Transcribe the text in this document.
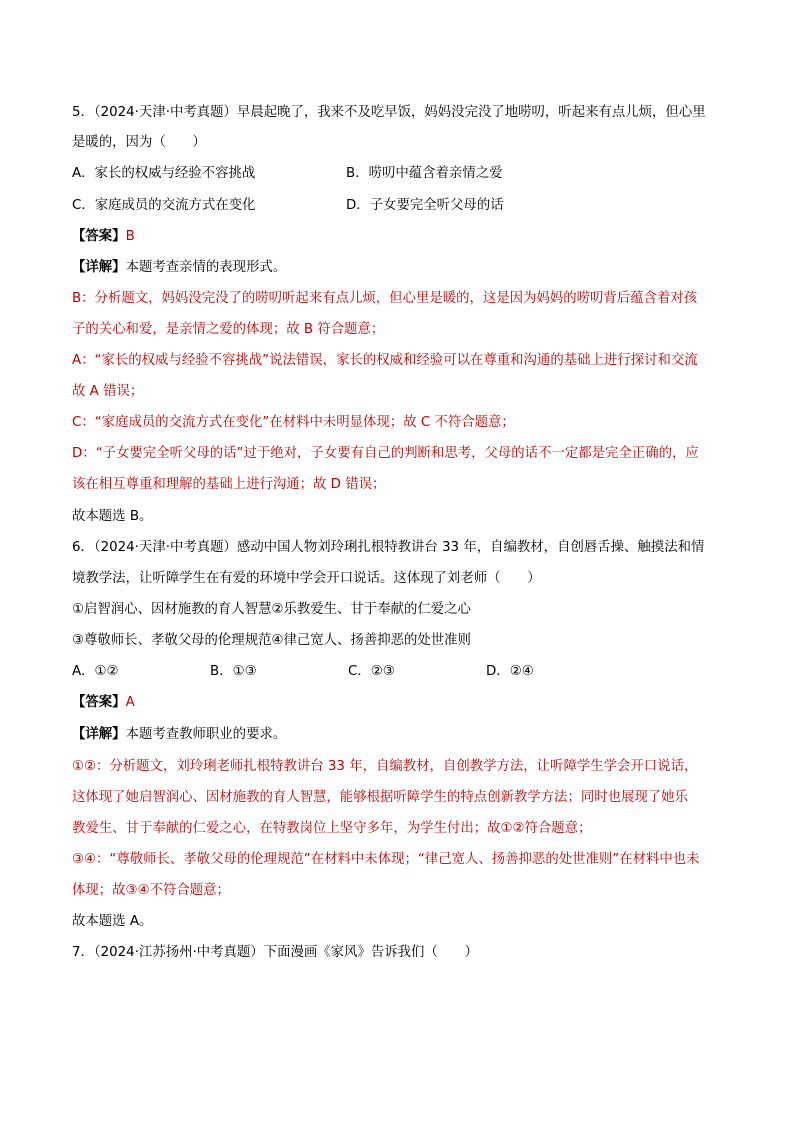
5．（2024·天津·中考真题）早晨起晚了，我来不及吃早饭，妈妈没完没了地唠叨，听起来有点儿烦，但心里
是暖的，因为（　　）
A．家长的权威与经验不容挑战	B．唠叨中蕴含着亲情之爱
C．家庭成员的交流方式在变化	D．子女要完全听父母的话
【答案】B
【详解】本题考查亲情的表现形式。
B：分析题文，妈妈没完没了的唠叨听起来有点儿烦，但心里是暖的，这是因为妈妈的唠叨背后蕴含着对孩
子的关心和爱，是亲情之爱的体现；故 B 符合题意；
A：“家长的权威与经验不容挑战”说法错误，家长的权威和经验可以在尊重和沟通的基础上进行探讨和交流
故 A 错误；
C：“家庭成员的交流方式在变化”在材料中未明显体现；故 C 不符合题意；
D：“子女要完全听父母的话”过于绝对，子女要有自己的判断和思考，父母的话不一定都是完全正确的，应
该在相互尊重和理解的基础上进行沟通；故 D 错误；
故本题选 B。
6．（2024·天津·中考真题）感动中国人物刘玲琍扎根特教讲台 33 年，自编教材，自创唇舌操、触摸法和情
境教学法，让听障学生在有爱的环境中学会开口说话。这体现了刘老师（　　）
①启智润心、因材施教的育人智慧②乐教爱生、甘于奉献的仁爱之心
③尊敬师长、孝敬父母的伦理规范④律己宽人、扬善抑恶的处世准则
A．①②	B．①③	C．②③	D．②④
【答案】A
【详解】本题考查教师职业的要求。
①②：分析题文，刘玲琍老师扎根特教讲台 33 年，自编教材，自创教学方法，让听障学生学会开口说话，
这体现了她启智润心、因材施教的育人智慧，能够根据听障学生的特点创新教学方法；同时也展现了她乐
教爱生、甘于奉献的仁爱之心，在特教岗位上坚守多年，为学生付出；故①②符合题意；
③④：“尊敬师长、孝敬父母的伦理规范”在材料中未体现；“律己宽人、扬善抑恶的处世准则”在材料中也未
体现；故③④不符合题意；
故本题选 A。
7．（2024·江苏扬州·中考真题）下面漫画《家风》告诉我们（　　）
